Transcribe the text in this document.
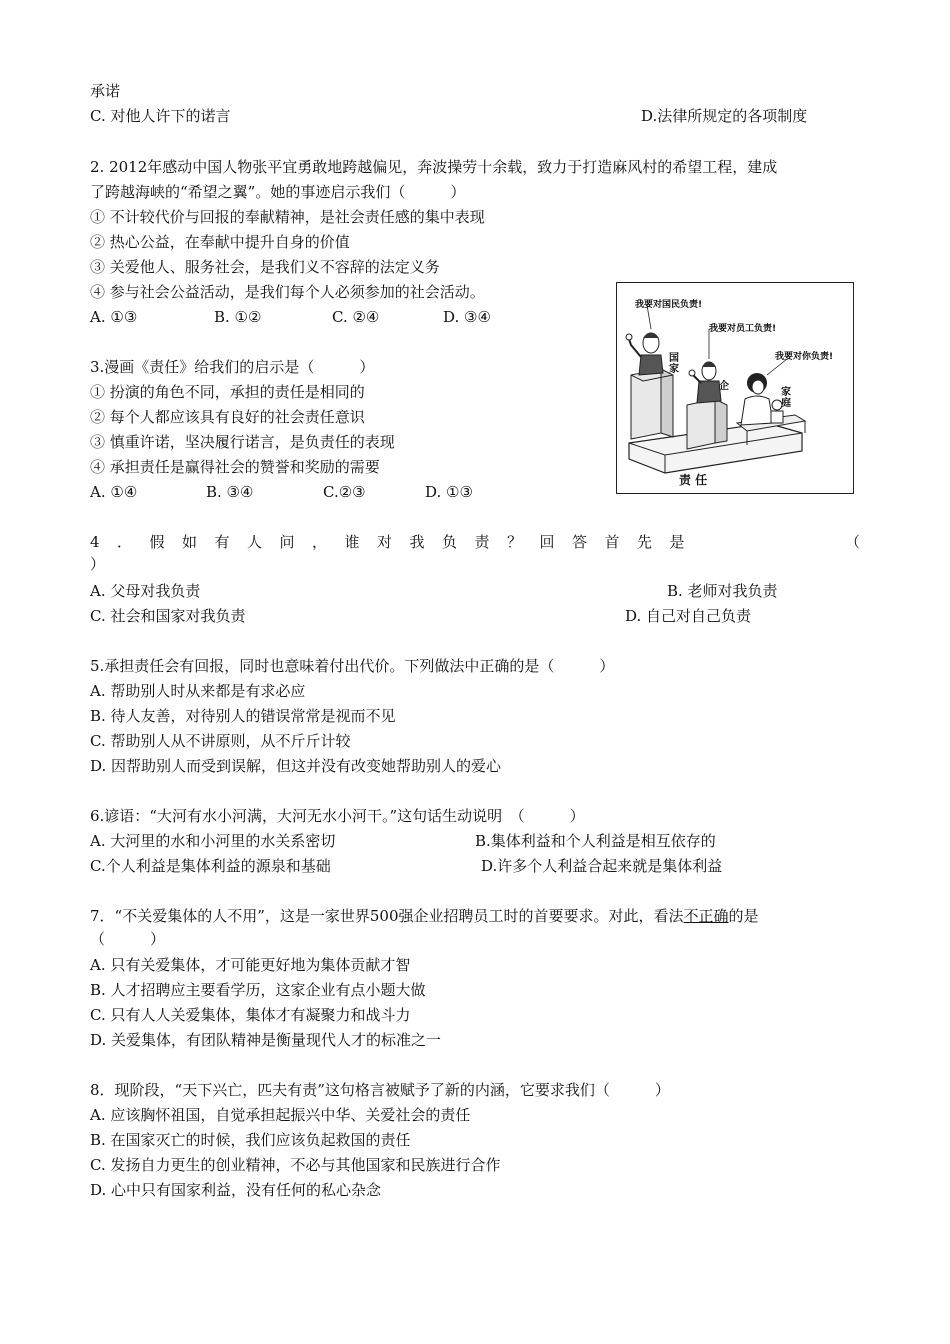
承诺
C. 对他人许下的诺言	D.法律所规定的各项制度
2. 2012年感动中国人物张平宜勇敢地跨越偏见，奔波操劳十余载，致力于打造麻风村的希望工程，建成
了跨越海峡的“希望之翼”。她的事迹启示我们（　　　）
① 不计较代价与回报的奉献精神，是社会责任感的集中表现
② 热心公益，在奉献中提升自身的价值
③ 关爱他人、服务社会，是我们义不容辞的法定义务
④ 参与社会公益活动，是我们每个人必须参加的社会活动。
A. ①③	B. ①②	C. ②④	D. ③④
3.漫画《责任》给我们的启示是（　　　）
① 扮演的角色不同，承担的责任是相同的
② 每个人都应该具有良好的社会责任意识
③ 慎重许诺，坚决履行诺言，是负责任的表现
④ 承担责任是赢得社会的赞誉和奖励的需要
A. ①④	B. ③④	C.②③	D. ①③
我要对国民负责!
我要对员工负责!
我要对你负责!
国家
企
家庭
责 任
4．假如有人问，谁对我负责？回答首先是	（
）
A. 父母对我负责	B. 老师对我负责
C. 社会和国家对我负责	D. 自己对自己负责
5.承担责任会有回报，同时也意味着付出代价。下列做法中正确的是（　　　）
A. 帮助别人时从来都是有求必应
B. 待人友善，对待别人的错误常常是视而不见
C. 帮助别人从不讲原则，从不斤斤计较
D. 因帮助别人而受到误解，但这并没有改变她帮助别人的爱心
6.谚语：“大河有水小河满，大河无水小河干。”这句话生动说明　（　　　）
A. 大河里的水和小河里的水关系密切	B.集体利益和个人利益是相互依存的
C.个人利益是集体利益的源泉和基础	D.许多个人利益合起来就是集体利益
7．“不关爱集体的人不用”，这是一家世界500强企业招聘员工时的首要要求。对此，看法不正确的是
（　　　）
A. 只有关爱集体，才可能更好地为集体贡献才智
B. 人才招聘应主要看学历，这家企业有点小题大做
C. 只有人人关爱集体，集体才有凝聚力和战斗力
D. 关爱集体，有团队精神是衡量现代人才的标准之一
8．现阶段，“天下兴亡，匹夫有责”这句格言被赋予了新的内涵，它要求我们（　　　）
A. 应该胸怀祖国，自觉承担起振兴中华、关爱社会的责任
B. 在国家灭亡的时候，我们应该负起救国的责任
C. 发扬自力更生的创业精神，不必与其他国家和民族进行合作
D. 心中只有国家利益，没有任何的私心杂念
